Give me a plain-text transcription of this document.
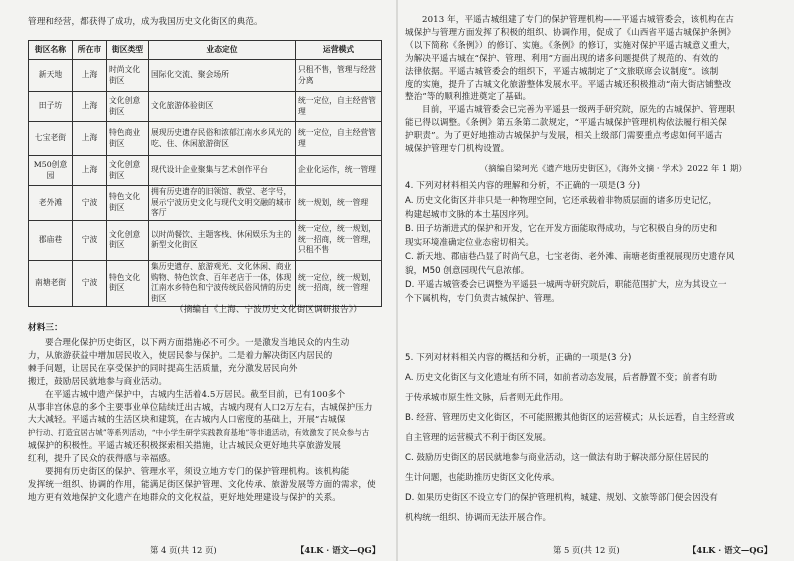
管理和经营，都获得了成功，成为我国历史文化街区的典范。
街区名称	所在市	街区类型	业态定位	运营模式
新天地	上海	时尚文化街区	国际化交流、聚会场所	只租不售，管理与经营分离
田子坊	上海	文化创意街区	文化旅游体验街区	统一定位，自主经营管理
七宝老街	上海	特色商业街区	展现历史遗存民俗和浓郁江南水乡风光的吃、住、休闲旅游街区	统一定位，自主经营管理
M50创意园	上海	文化创意街区	现代设计企业聚集与艺术创作平台	企业化运作，统一管理
老外滩	宁波	特色文化街区	拥有历史遗存的旧领馆、教堂、老字号，展示宁波历史文化与现代文明交融的城市客厅	统一规划，统一管理
郡庙巷	宁波	文化创意街区	以时尚餐饮、主题客栈、休闲娱乐为主的新型文化街区	统一定位，统一规划，统一招商，统一管理，只租不售
南塘老街	宁波	特色文化街区	集历史遗存、旅游观光、文化休闲、商业购物、特色饮食、百年老店于一体，体现江南水乡特色和宁波传统民俗风情的历史街区	统一定位，统一规划，统一招商，统一管理
（摘编自《上海、宁波历史文化街区调研报告》）
材料三：
要合理化保护历史街区，以下两方面措施必不可少。一是激发当地民众的内生动
力，从旅游获益中增加居民收入，使居民参与保护。二是着力解决街区内居民的
棘手问题，让居民在享受保护的同时提高生活质量，充分激发居民向外
搬迁，鼓励居民就地参与商业活动。
在平遥古城中遗产保护中，古城内生活着4.5万居民。截至目前，已有100多个
从事非宫休息的多个主要事业单位陆续迁出古城，古城内现有人口2万左右，古城保护压力
大大减轻。平遥古城的生活区块和建筑，在古城内人口密度的基础上，开展“古城保
护行动、打造宜居古城”等系列活动，“中小学生研学实践教育基地”等非遗活动，有效激发了民众参与古
城保护的积极性。平遥古城还积极探索相关措施，让古城民众更好地共享旅游发展
红利，提升了民众的获得感与幸福感。
要拥有历史街区的保护、管理水平，须设立地方专门的保护管理机构。该机构能
发挥统一组织、协调的作用，能满足街区保护管理、文化传承、旅游发展等方面的需求，使
地方更有效地保护文化遗产在地群众的文化权益，更好地处理建设与保护的关系。
第 4 页(共 12 页)	【4LK · 语文—QG】
2013 年，平遥古城组建了专门的保护管理机构——平遥古城管委会，该机构在古
城保护与管理方面发挥了积极的组织、协调作用，促成了《山西省平遥古城保护条例》
（以下简称《条例》）的修订、实施。《条例》的修订，实施对保护平遥古城意义重大，
为解决平遥古城在“保护、管理、利用”方面出现的诸多问题提供了规范的、有效的
法律依据。平遥古城管委会的组织下，平遥古城制定了“文旅联席会议制度”。该制
度的实施，提升了古城文化旅游整体发展水平。平遥古城还积极推动“南大街店铺整改
整治”等的顺利推进奠定了基础。
目前，平遥古城管委会已完善为平遥县一级两手研究院，原先的古城保护、管理职
能已得以调整。《条例》第五条第二款规定，“平遥古城保护管理机构依法履行相关保
护职责”。为了更好地推动古城保护与发展，相关上级部门需要重点考虑如何平遥古
城保护管理专门机构设置。
（摘编自梁珂光《遗产地历史街区》，《海外文摘 · 学术》2022 年 1 期）
4. 下列对材料相关内容的理解和分析，不正确的一项是(3 分)
A. 历史文化街区并非只是一种物理空间，它还承载着非物质层面的诸多历史记忆，
构建起城市文脉的本土基因序列。
B. 田子坊渐进式的保护和开发，它在开发方面能取得成功，与它积极自身的历史和
现实环境准确定位业态密切相关。
C. 新天地、郡庙巷凸显了时尚气息，七宝老街、老外滩、南塘老街重视展现历史遗存风
貌，M50 创意园现代气息浓郁。
D. 平遥古城管委会已调整为平遥县一城两寺研究院后，职能范围扩大，应为其设立一
个下属机构，专门负责古城保护、管理。
5. 下列对材料相关内容的概括和分析，正确的一项是(3 分)
A. 历史文化街区与文化遗址有所不同，如前者动态发展，后者静置不变；前者有助
于传承城市原生性文脉，后者则无此作用。
B. 经营、管理历史文化街区，不可能照搬其他街区的运营模式；从长远看，自主经营或
自主管理的运营模式不利于街区发展。
C. 鼓励历史街区的居民就地参与商业活动，这一做法有助于解决部分原住居民的
生计问题，也能助推历史街区文化传承。
D. 如果历史街区不设立专门的保护管理机构，城建、规划、文旅等部门便会因没有
机构统一组织、协调而无法开展合作。
第 5 页(共 12 页)	【4LK · 语文—QG】
